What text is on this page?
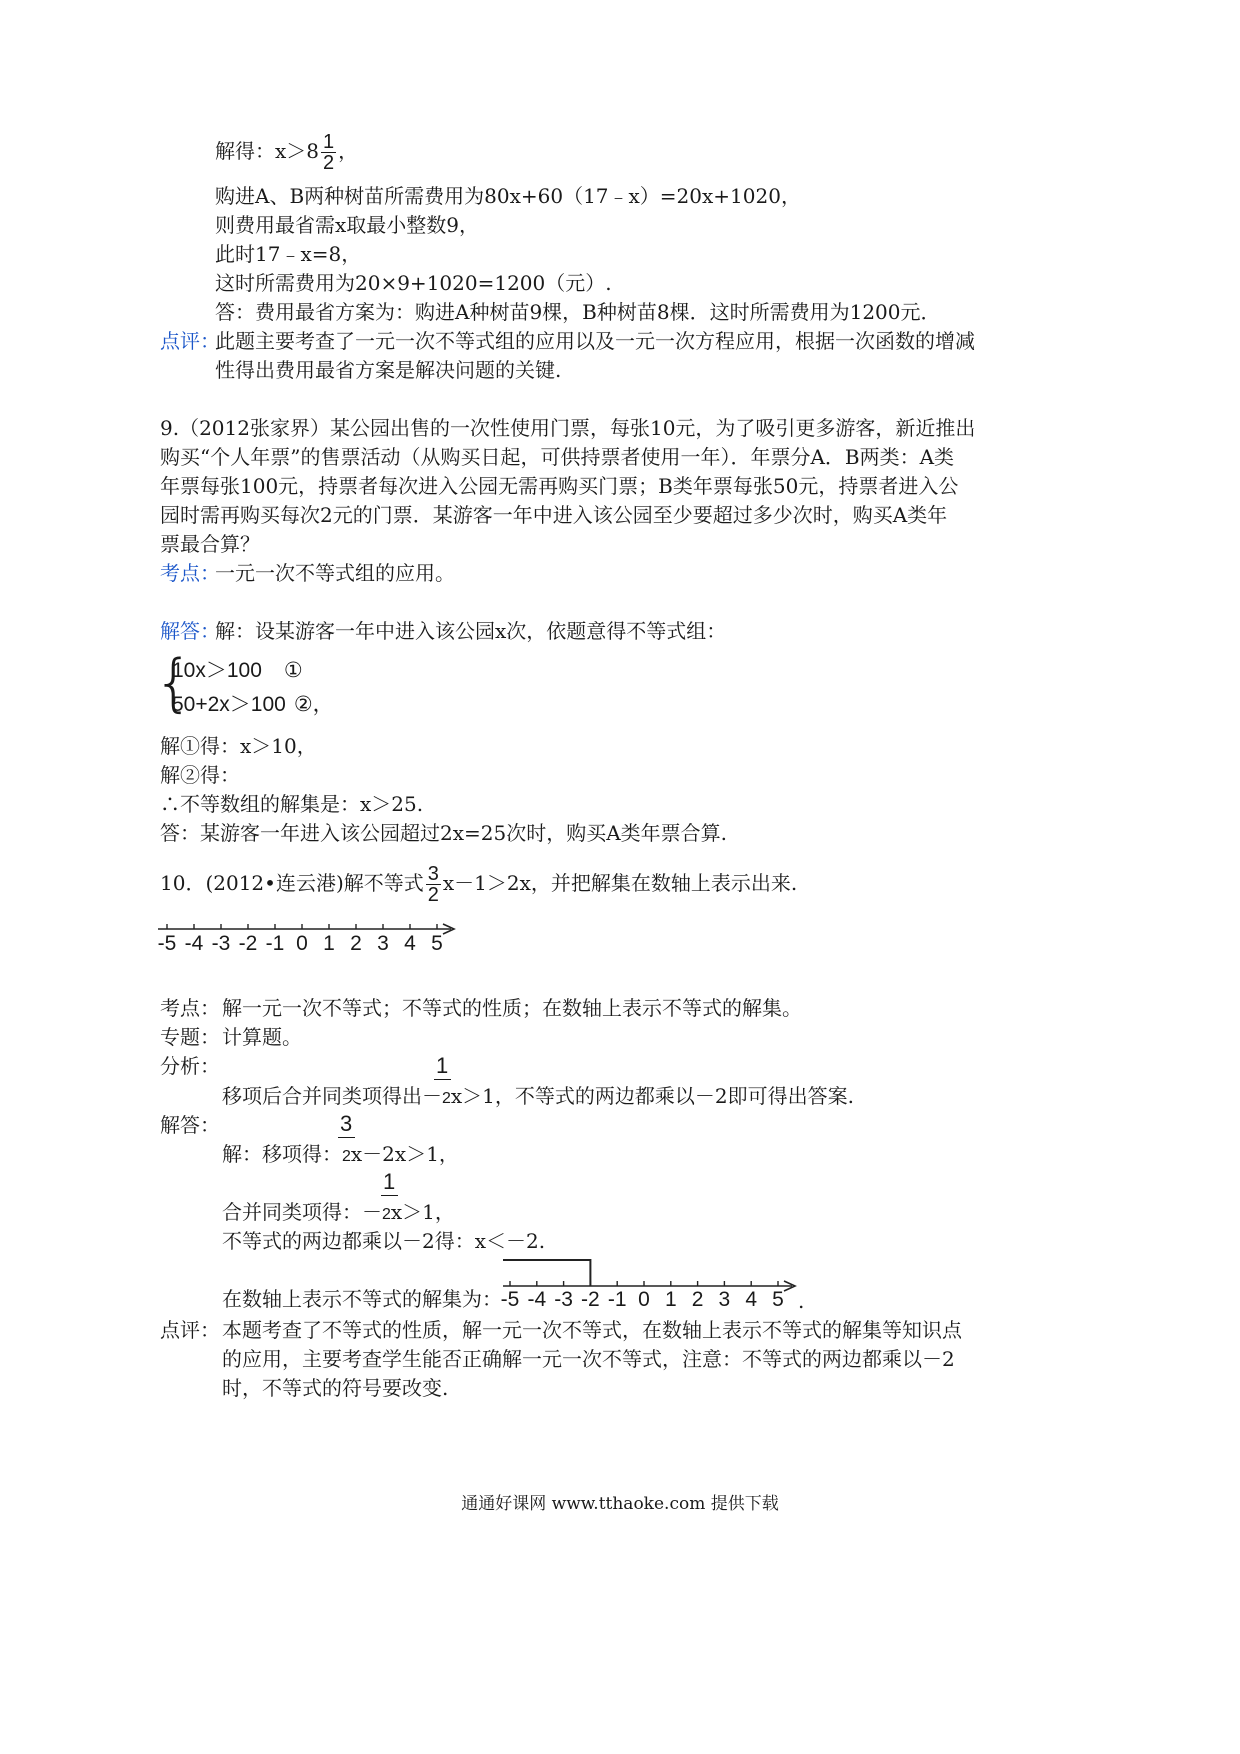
解得：$x>8 \frac{1}{2}$ ，
购进A、B两种树苗所需费用为80x+60（17﹣x）=20x+1020，
则费用最省需x取最小整数9，
此时17﹣x=8，
这时所需费用为20×9+1020=1200（元）.
答：费用最省方案为：购进A种树苗9棵，B种树苗8棵．这时所需费用为1200元．
点评：
此题主要考查了一元一次不等式组的应用以及一元一次方程应用，根据一次函数的增减
性得出费用最省方案是解决问题的关键.
9.（2012张家界）某公园出售的一次性使用门票，每张10元，为了吸引更多游客，新近推出
购买“个人年票”的售票活动（从购买日起，可供持票者使用一年）．年票分A．B两类：A类
年票每张100元，持票者每次进入公园无需再购买门票；B类年票每张50元，持票者进入公
园时需再购买每次2元的门票．某游客一年中进入该公园至少要超过多少次时，购买A类年
票最合算？
考点：
一元一次不等式组的应用。
解答：
解：设某游客一年中进入该公园x次，依题意得不等式组：
{
10x＞100 ①
50+2x＞100 ②，
解①得：x＞10，
解②得：
∴不等数组的解集是：x＞25.
答：某游客一年进入该公园超过2x=25次时，购买A类年票合算.
10．(2012•连云港)解不等式 $\frac{3}{2} x-1>2x$，并把解集在数轴上表示出来.
-5 -4 -3 -2 -1 0 1 2 3 4 5
考点： 解一元一次不等式；不等式的性质；在数轴上表示不等式的解集。
专题： 计算题。
分析：	1
移项后合并同类项得出－2x＞1，不等式的两边都乘以－2即可得出答案.
解答：	3
解：移项得：2x－2x＞1，
1
合并同类项得：－2x＞1，
不等式的两边都乘以－2得：x＜－2.
在数轴上表示不等式的解集为：
-5 -4 -3 -2 -1 0 1 2 3 4 5 .
点评： 本题考查了不等式的性质，解一元一次不等式，在数轴上表示不等式的解集等知识点
的应用，主要考查学生能否正确解一元一次不等式，注意：不等式的两边都乘以－2
时，不等式的符号要改变.
通通好课网 www.tthaoke.com 提供下载
